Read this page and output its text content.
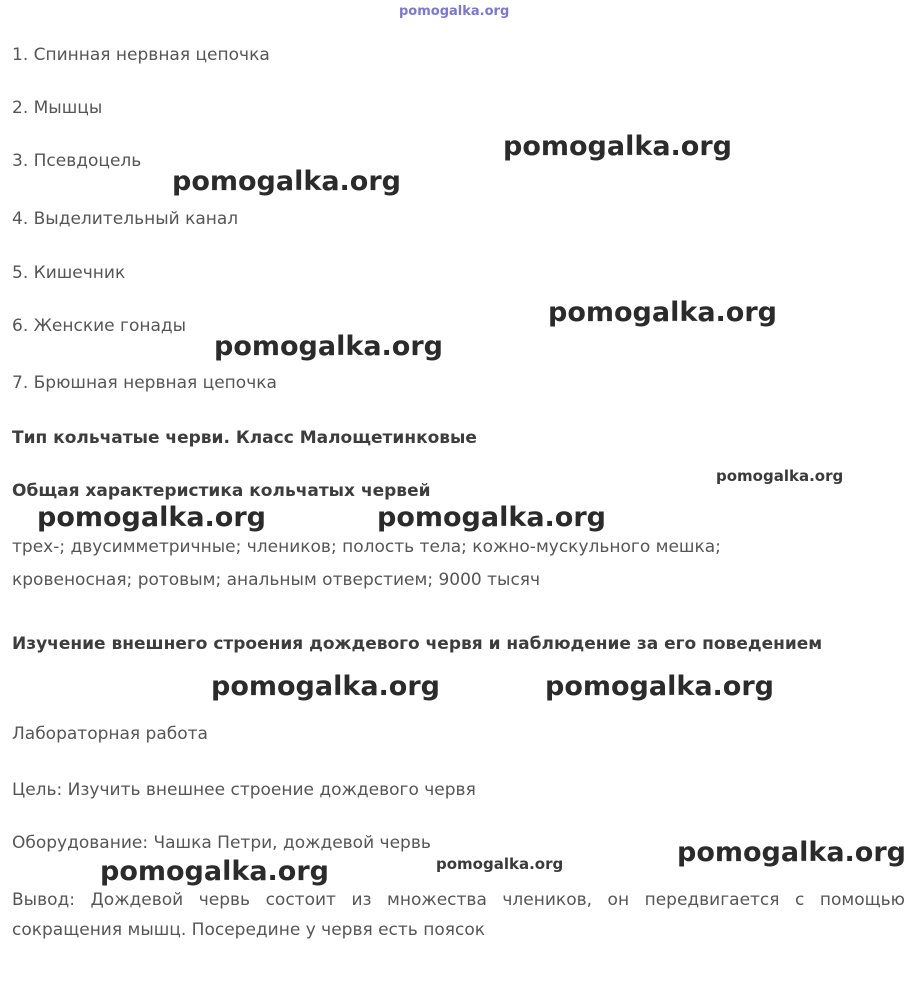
1. Спинная нервная цепочка
2. Мышцы
3. Псевдоцель
4. Выделительный канал
5. Кишечник
6. Женские гонады
7. Брюшная нервная цепочка
Тип кольчатые черви. Класс Малощетинковые
Общая характеристика кольчатых червей
трех-; двусимметричные; члеников; полость тела; кожно-мускульного мешка;
кровеносная; ротовым; анальным отверстием; 9000 тысяч
Изучение внешнего строения дождевого червя и наблюдение за его поведением
Лабораторная работа
Цель: Изучить внешнее строение дождевого червя
Оборудование: Чашка Петри, дождевой червь
Вывод: Дождевой червь состоит из множества члеников, он передвигается с помощью сокращения мышц. Посередине у червя есть поясок
pomogalka.org
pomogalka.org
pomogalka.org
pomogalka.org
pomogalka.org
pomogalka.org
pomogalka.org	pomogalka.org
pomogalka.org	pomogalka.org
pomogalka.org
pomogalka.org	pomogalka.org
